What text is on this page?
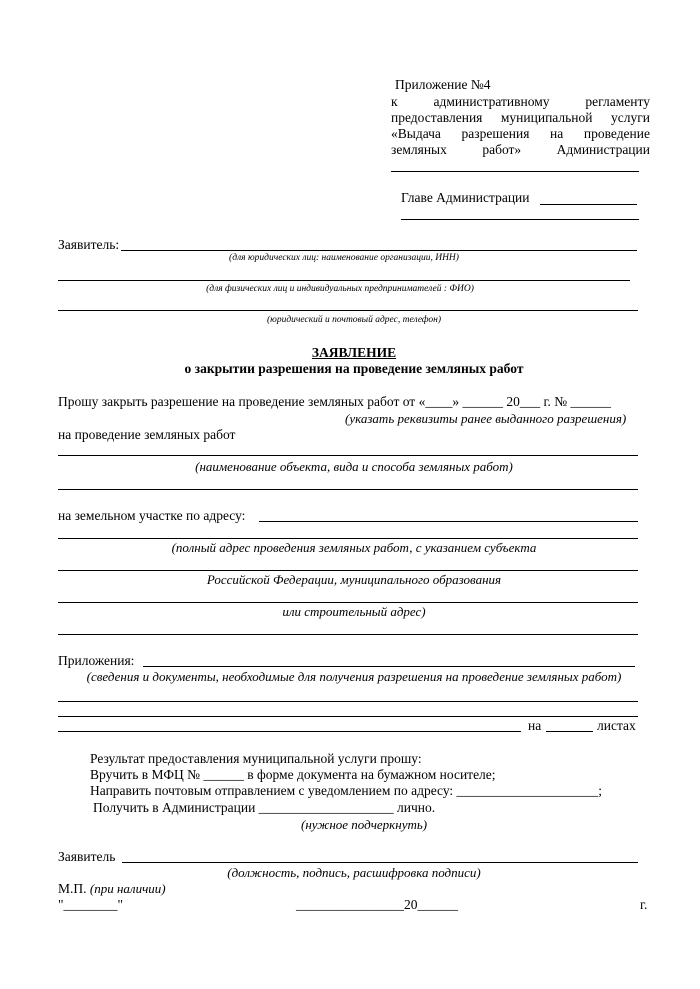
Приложение №4
к	административному	регламенту
предоставления муниципальной услуги
«Выдача разрешения на проведение
земляных	работ»	Администрации
Главе Администрации
Заявитель:
(для юридических лиц: наименование организации, ИНН)
(для физических лиц и индивидуальных предпринимателей : ФИО)
(юридический и почтовый адрес, телефон)
ЗАЯВЛЕНИЕ
о закрытии разрешения на проведение земляных работ
Прошу закрыть разрешение на проведение земляных работ от «____» ______ 20___ г. № ______
(указать реквизиты ранее выданного разрешения)
на проведение земляных работ
(наименование объекта, вида и способа земляных работ)
на земельном участке по адресу:
(полный адрес проведения земляных работ, с указанием субъекта
Российской Федерации, муниципального образования
или строительный адрес)
Приложения:
(сведения и документы, необходимые для получения разрешения на проведение земляных работ)
на	листах
Результат предоставления муниципальной услуги прошу:
Вручить в МФЦ № ______ в форме документа на бумажном носителе;
Направить почтовым отправлением с уведомлением по адресу: _____________________;
Получить в Администрации ____________________ лично.
(нужное подчеркнуть)
Заявитель
(должность, подпись, расшифровка подписи)
М.П. (при наличии)
"________"	________________20______	г.
